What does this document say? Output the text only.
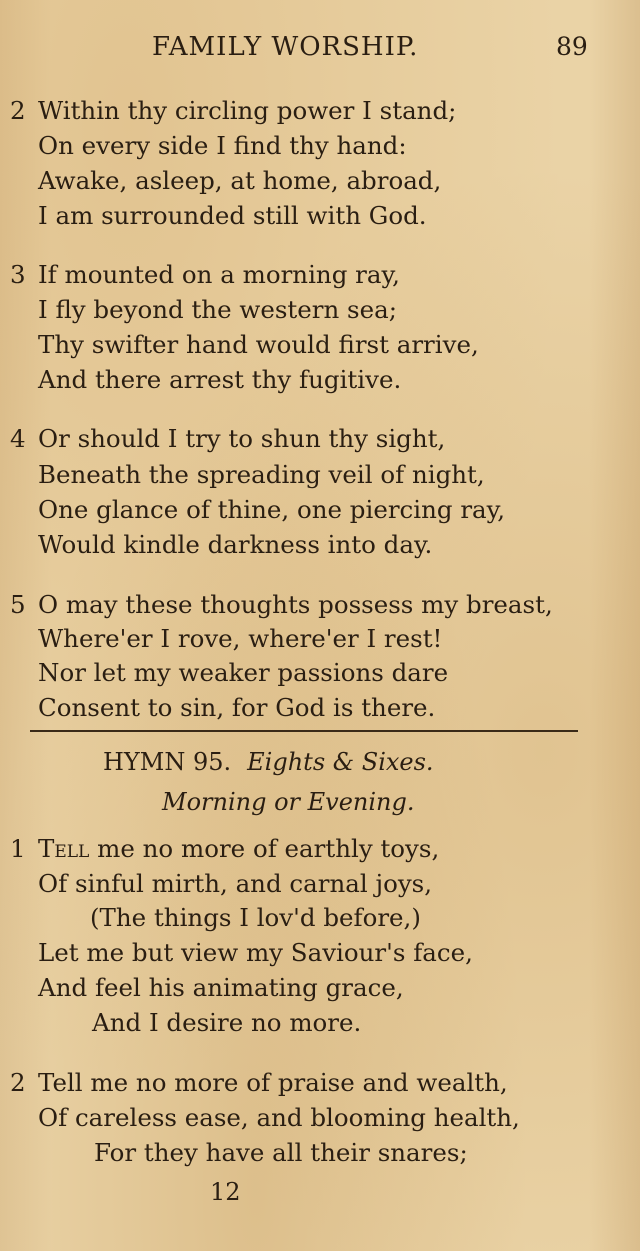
FAMILY WORSHIP.	89
2 Within thy circling power I stand;
On every side I find thy hand:
Awake, asleep, at home, abroad,
I am surrounded still with God.
3 If mounted on a morning ray,
I fly beyond the western sea;
Thy swifter hand would first arrive,
And there arrest thy fugitive.
4 Or should I try to shun thy sight,
Beneath the spreading veil of night,
One glance of thine, one piercing ray,
Would kindle darkness into day.
5 O may these thoughts possess my breast,
Where'er I rove, where'er I rest!
Nor let my weaker passions dare
Consent to sin, for God is there.
HYMN 95. Eights & Sixes.
Morning or Evening.
1 Tell me no more of earthly toys,
Of sinful mirth, and carnal joys,
(The things I lov'd before,)
Let me but view my Saviour's face,
And feel his animating grace,
And I desire no more.
2 Tell me no more of praise and wealth,
Of careless ease, and blooming health,
For they have all their snares;
12
